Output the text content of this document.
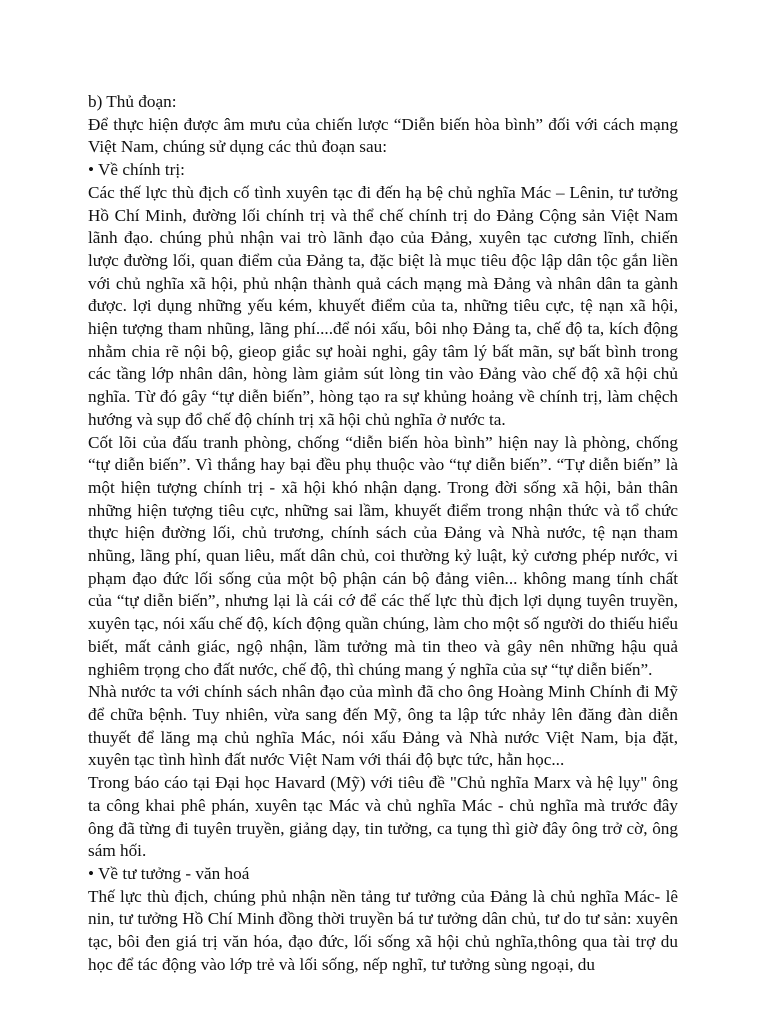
b) Thủ đoạn:

Để thực hiện được âm mưu của chiến lược “Diễn biến hòa bình” đối với cách mạng Việt Nam, chúng sử dụng các thủ đoạn sau:

• Về chính trị:

Các thế lực thù địch cố tình xuyên tạc đi đến hạ bệ chủ nghĩa Mác – Lênin, tư tưởng Hồ Chí Minh, đường lối chính trị và thể chế chính trị do Đảng Cộng sản Việt Nam lãnh đạo. chúng phủ nhận vai trò lãnh đạo của Đảng, xuyên tạc cương lĩnh, chiến lược đường lối, quan điểm của Đảng ta, đặc biệt là mục tiêu độc lập dân tộc gắn liền với chủ nghĩa xã hội, phủ nhận thành quả cách mạng mà Đảng và nhân dân ta gành được. lợi dụng những yếu kém, khuyết điểm của ta, những tiêu cực, tệ nạn xã hội, hiện tượng tham nhũng, lãng phí....để nói xấu, bôi nhọ Đảng ta, chế độ ta, kích động nhằm chia rẽ nội bộ, gieop giắc sự hoài nghi, gây tâm lý bất mãn, sự bất bình trong các tầng lớp nhân dân, hòng làm giảm sút lòng tin vào Đảng vào chế độ xã hội chủ nghĩa. Từ đó gây “tự diễn biến”, hòng tạo ra sự khủng hoảng về chính trị, làm chệch hướng và sụp đổ chế độ chính trị xã hội chủ nghĩa ở nước ta.

Cốt lõi của đấu tranh phòng, chống “diễn biến hòa bình” hiện nay là phòng, chống “tự diễn biến”. Vì thắng hay bại đều phụ thuộc vào “tự diễn biến”. “Tự diễn biến” là một hiện tượng chính trị - xã hội khó nhận dạng. Trong đời sống xã hội, bản thân những hiện tượng tiêu cực, những sai lầm, khuyết điểm trong nhận thức và tổ chức thực hiện đường lối, chủ trương, chính sách của Đảng và Nhà nước, tệ nạn tham nhũng, lãng phí, quan liêu, mất dân chủ, coi thường kỷ luật, kỷ cương phép nước, vi phạm đạo đức lối sống của một bộ phận cán bộ đảng viên... không mang tính chất của “tự diễn biến”, nhưng lại là cái cớ để các thế lực thù địch lợi dụng tuyên truyền, xuyên tạc, nói xấu chế độ, kích động quần chúng, làm cho một số người do thiếu hiểu biết, mất cảnh giác, ngộ nhận, lầm tưởng mà tin theo và gây nên những hậu quả nghiêm trọng cho đất nước, chế độ, thì chúng mang ý nghĩa của sự “tự diễn biến”.

Nhà nước ta với chính sách nhân đạo của mình đã cho ông Hoàng Minh Chính đi Mỹ để chữa bệnh. Tuy nhiên, vừa sang đến Mỹ, ông ta lập tức nhảy lên đăng đàn diễn thuyết để lăng mạ chủ nghĩa Mác, nói xấu Đảng và Nhà nước Việt Nam, bịa đặt, xuyên tạc tình hình đất nước Việt Nam với thái độ bực tức, hằn học...

Trong báo cáo tại Đại học Havard (Mỹ) với tiêu đề "Chủ nghĩa Marx và hệ lụy" ông ta công khai phê phán, xuyên tạc Mác và chủ nghĩa Mác - chủ nghĩa mà trước đây ông đã từng đi tuyên truyền, giảng dạy, tin tưởng, ca tụng thì giờ đây ông trở cờ, ông sám hối.

• Về tư tưởng - văn hoá

Thế lực thù địch, chúng phủ nhận nền tảng tư tưởng của Đảng là chủ nghĩa Mác- lê nin, tư tưởng Hồ Chí Minh đồng thời truyền bá tư tưởng dân chủ, tư do tư sản: xuyên tạc, bôi đen giá trị văn hóa, đạo đức, lối sống xã hội chủ nghĩa,thông qua tài trợ du học để tác động vào lớp trẻ và lối sống, nếp nghĩ, tư tưởng sùng ngoại, du
